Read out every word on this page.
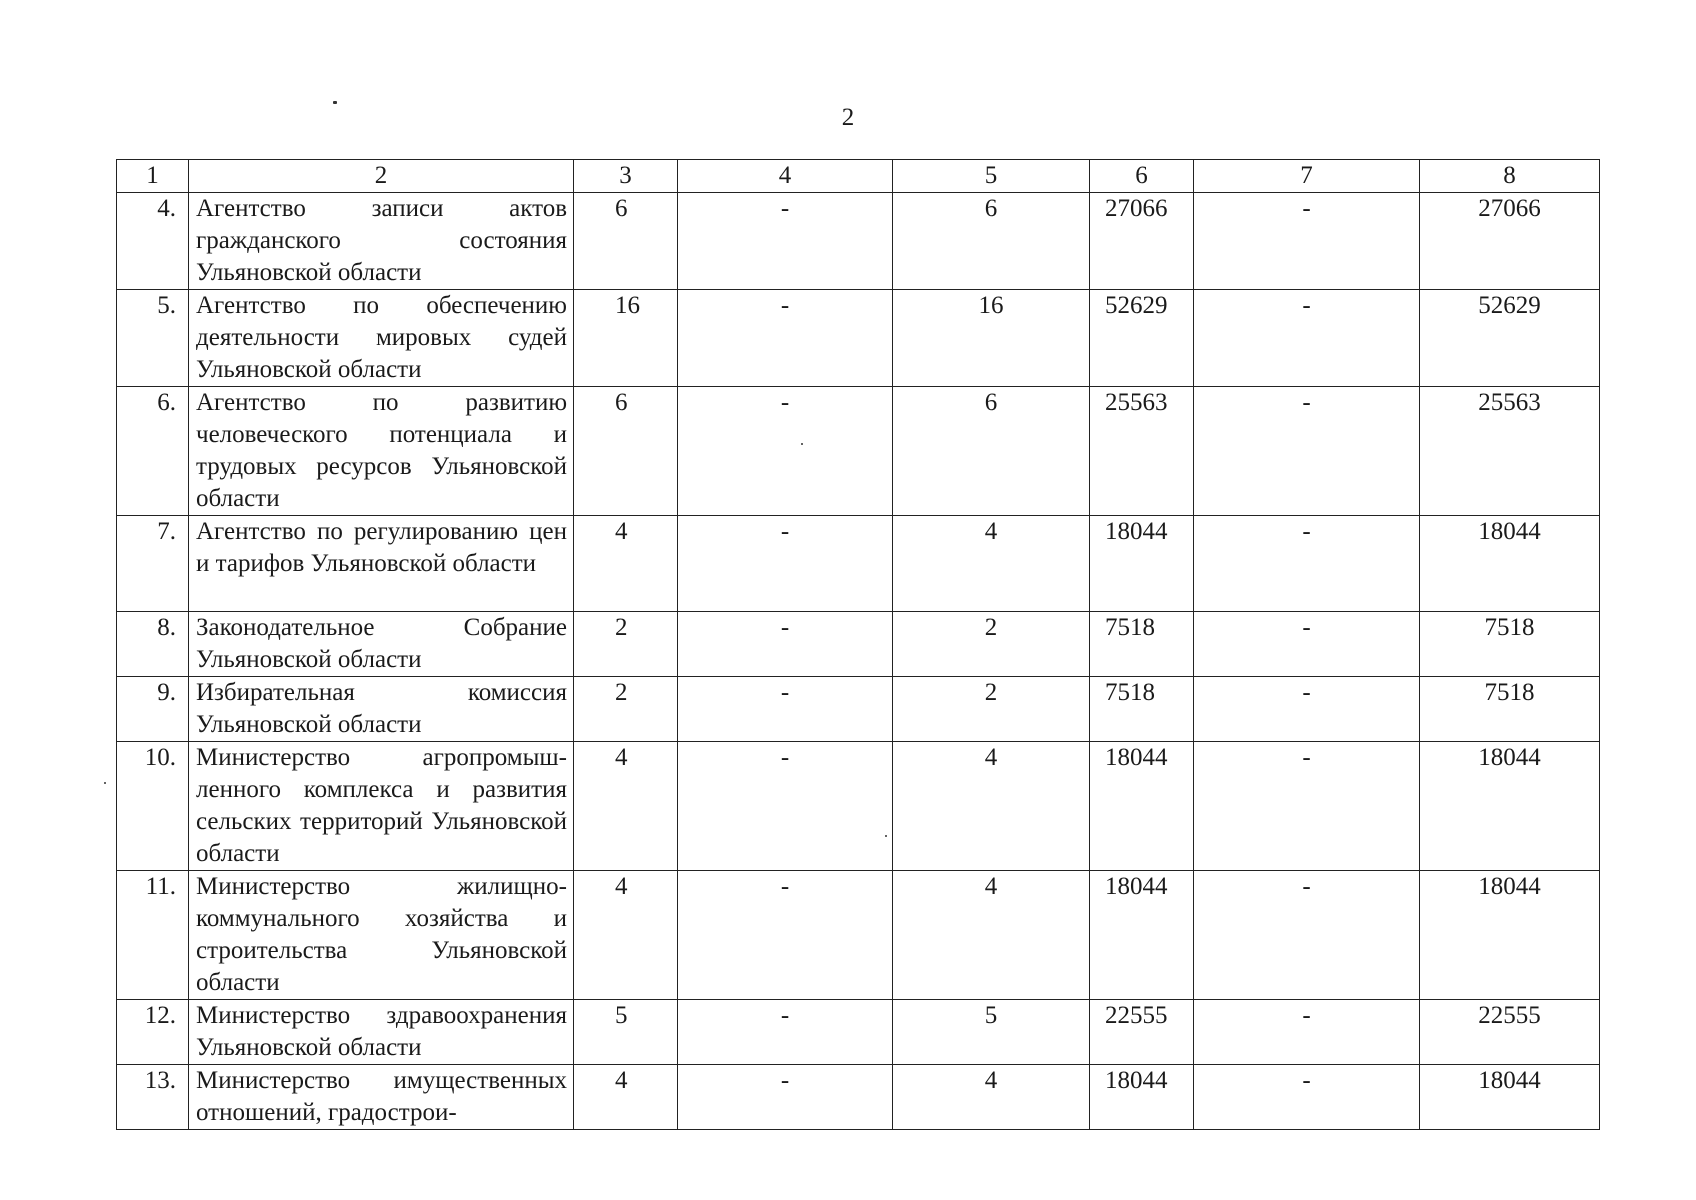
2
1	2	3	4	5	6	7	8
4.	Агентство записи актов гражданского состояния Ульяновской области	6	-	6	27066	-	27066
5.	Агентство по обеспечению деятельности мировых судей Ульяновской области	16	-	16	52629	-	52629
6.	Агентство по развитию человеческого потенциала и трудовых ресурсов Ульяновской области	6	-	6	25563	-	25563
7.	Агентство по регулированию цен и тарифов Ульяновской области	4	-	4	18044	-	18044
8.	Законодательное Собрание Ульяновской области	2	-	2	7518	-	7518
9.	Избирательная комиссия Ульяновской области	2	-	2	7518	-	7518
10.	Министерство агропромышленного комплекса и развития сельских территорий Ульяновской области	4	-	4	18044	-	18044
11.	Министерство жилищно-коммунального хозяйства и строительства Ульяновской области	4	-	4	18044	-	18044
12.	Министерство здравоохранения Ульяновской области	5	-	5	22555	-	22555
13.	Министерство имущественных отношений, градострои-	4	-	4	18044	-	18044
